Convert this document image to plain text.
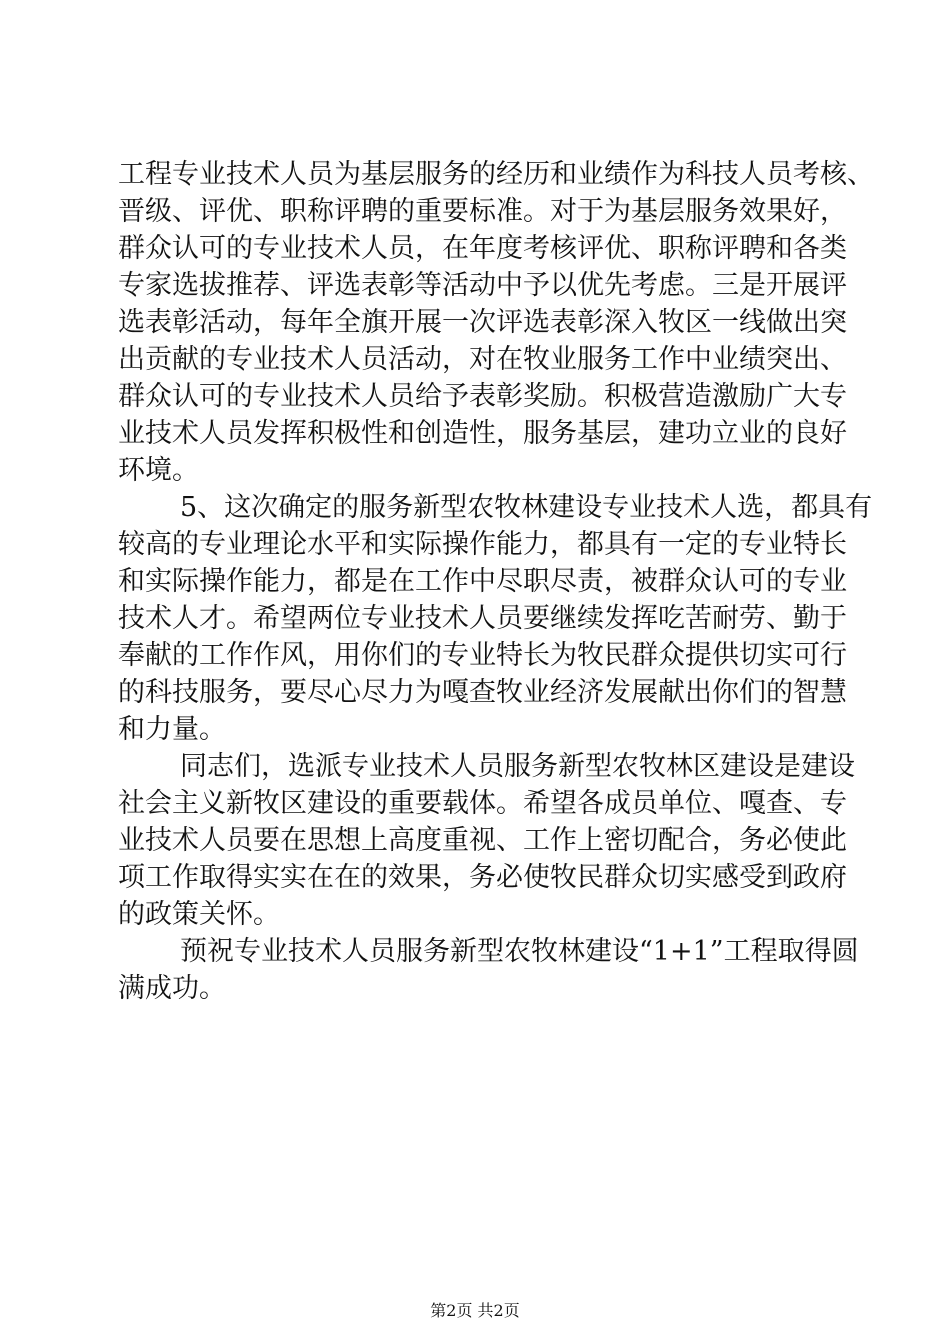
工程专业技术人员为基层服务的经历和业绩作为科技人员考核、
晋级、评优、职称评聘的重要标准。对于为基层服务效果好，
群众认可的专业技术人员，在年度考核评优、职称评聘和各类
专家选拔推荐、评选表彰等活动中予以优先考虑。三是开展评
选表彰活动，每年全旗开展一次评选表彰深入牧区一线做出突
出贡献的专业技术人员活动，对在牧业服务工作中业绩突出、
群众认可的专业技术人员给予表彰奖励。积极营造激励广大专
业技术人员发挥积极性和创造性，服务基层，建功立业的良好
环境。
5、这次确定的服务新型农牧林建设专业技术人选，都具有
较高的专业理论水平和实际操作能力，都具有一定的专业特长
和实际操作能力，都是在工作中尽职尽责，被群众认可的专业
技术人才。希望两位专业技术人员要继续发挥吃苦耐劳、勤于
奉献的工作作风，用你们的专业特长为牧民群众提供切实可行
的科技服务，要尽心尽力为嘎查牧业经济发展献出你们的智慧
和力量。
同志们，选派专业技术人员服务新型农牧林区建设是建设
社会主义新牧区建设的重要载体。希望各成员单位、嘎查、专
业技术人员要在思想上高度重视、工作上密切配合，务必使此
项工作取得实实在在的效果，务必使牧民群众切实感受到政府
的政策关怀。
预祝专业技术人员服务新型农牧林建设“1+1”工程取得圆
满成功。
第2页 共2页
